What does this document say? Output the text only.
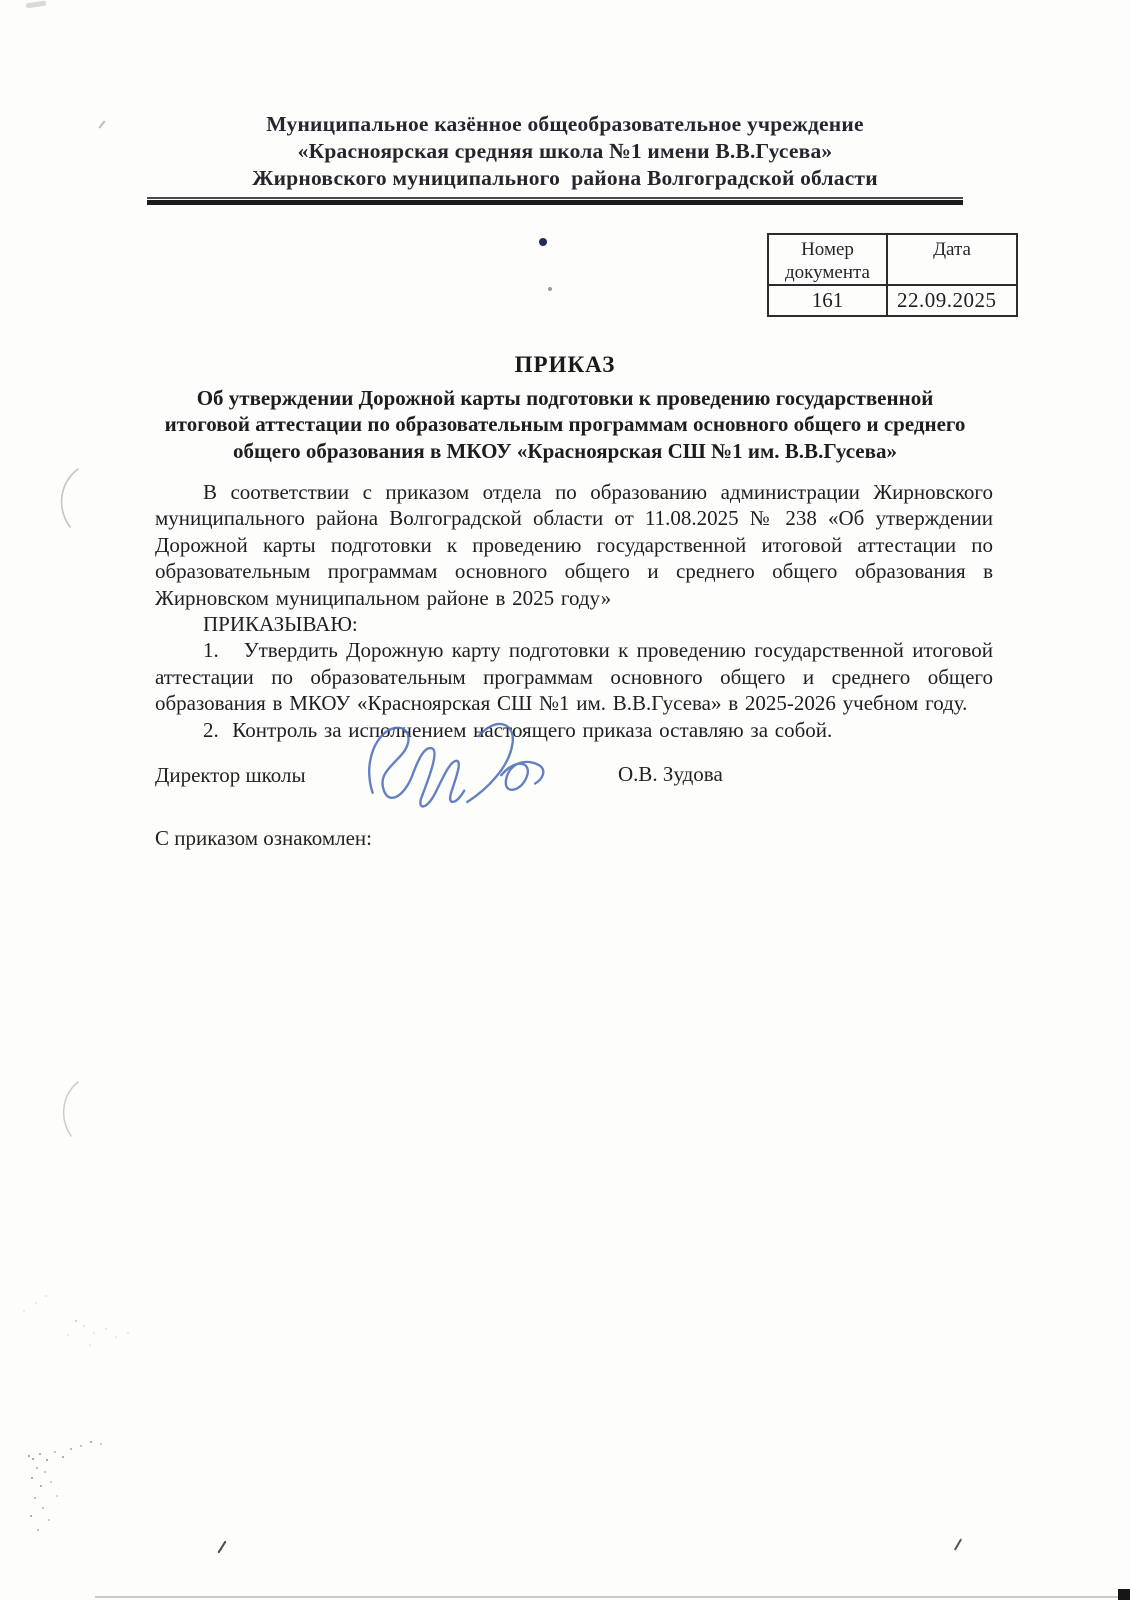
Муниципальное казённое общеобразовательное учреждение
«Красноярская средняя школа №1 имени В.В.Гусева»
Жирновского муниципального  района Волгоградской области
Номер документа	Дата
161	22.09.2025
ПРИКАЗ
Об утверждении Дорожной карты подготовки к проведению государственной
итоговой аттестации по образовательным программам основного общего и среднего
общего образования в МКОУ «Красноярская СШ №1 им. В.В.Гусева»

В соответствии с приказом отдела по образованию администрации Жирновского муниципального района Волгоградской области от 11.08.2025 № 238 «Об утверждении Дорожной карты подготовки к проведению государственной итоговой аттестации по образовательным программам основного общего и среднего общего образования в Жирновском муниципальном районе в 2025 году»

ПРИКАЗЫВАЮ:

1.   Утвердить Дорожную карту подготовки к проведению государственной итоговой аттестации по образовательным программам основного общего и среднего общего образования в МКОУ «Красноярская СШ №1 им. В.В.Гусева» в 2025-2026 учебном году.

2.  Контроль за исполнением настоящего приказа оставляю за собой.

Директор школы	О.В. Зудова
С приказом ознакомлен:
